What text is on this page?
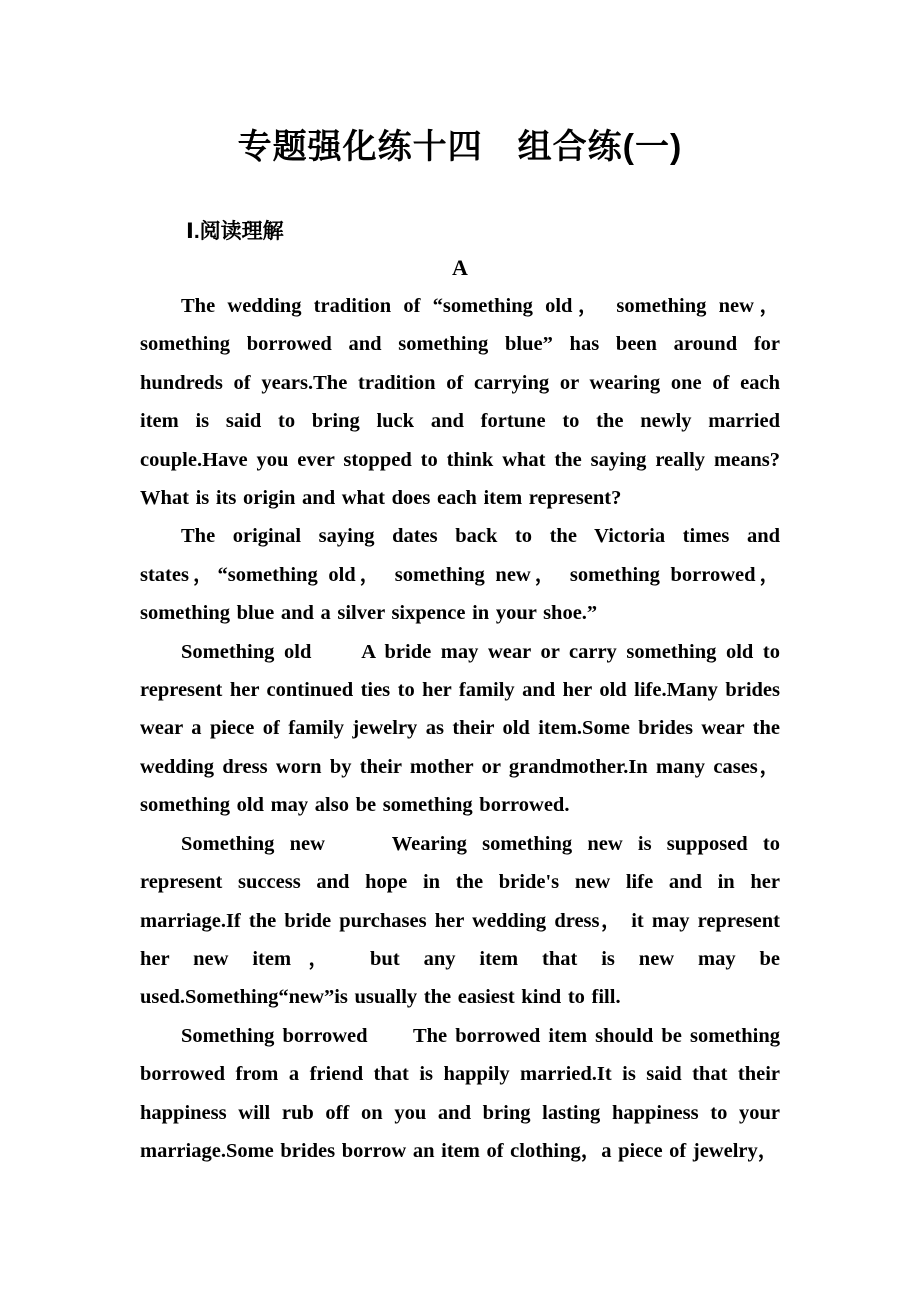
专题强化练十四　组合练(一)
Ⅰ.阅读理解
A

The wedding tradition of “something old， something new， something borrowed and something blue” has been around for hundreds of years.The tradition of carrying or wearing one of each item is said to bring luck and fortune to the newly married couple.Have you ever stopped to think what the saying really means? What is its origin and what does each item represent?

The original saying dates back to the Victoria times and states，“something old， something new， something borrowed， something blue and a silver sixpence in your shoe.”

Something old　　A bride may wear or carry something old to represent her continued ties to her family and her old life.Many brides wear a piece of family jewelry as their old item.Some brides wear the wedding dress worn by their mother or grandmother.In many cases， something old may also be something borrowed.

Something new　　Wearing something new is supposed to represent success and hope in the bride's new life and in her marriage.If the bride purchases her wedding dress， it may represent her new item， but any item that is new may be used.Something“new”is usually the easiest kind to fill.

Something borrowed　　The borrowed item should be something borrowed from a friend that is happily married.It is said that their happiness will rub off on you and bring lasting happiness to your marriage.Some brides borrow an item of clothing，a piece of jewelry，
